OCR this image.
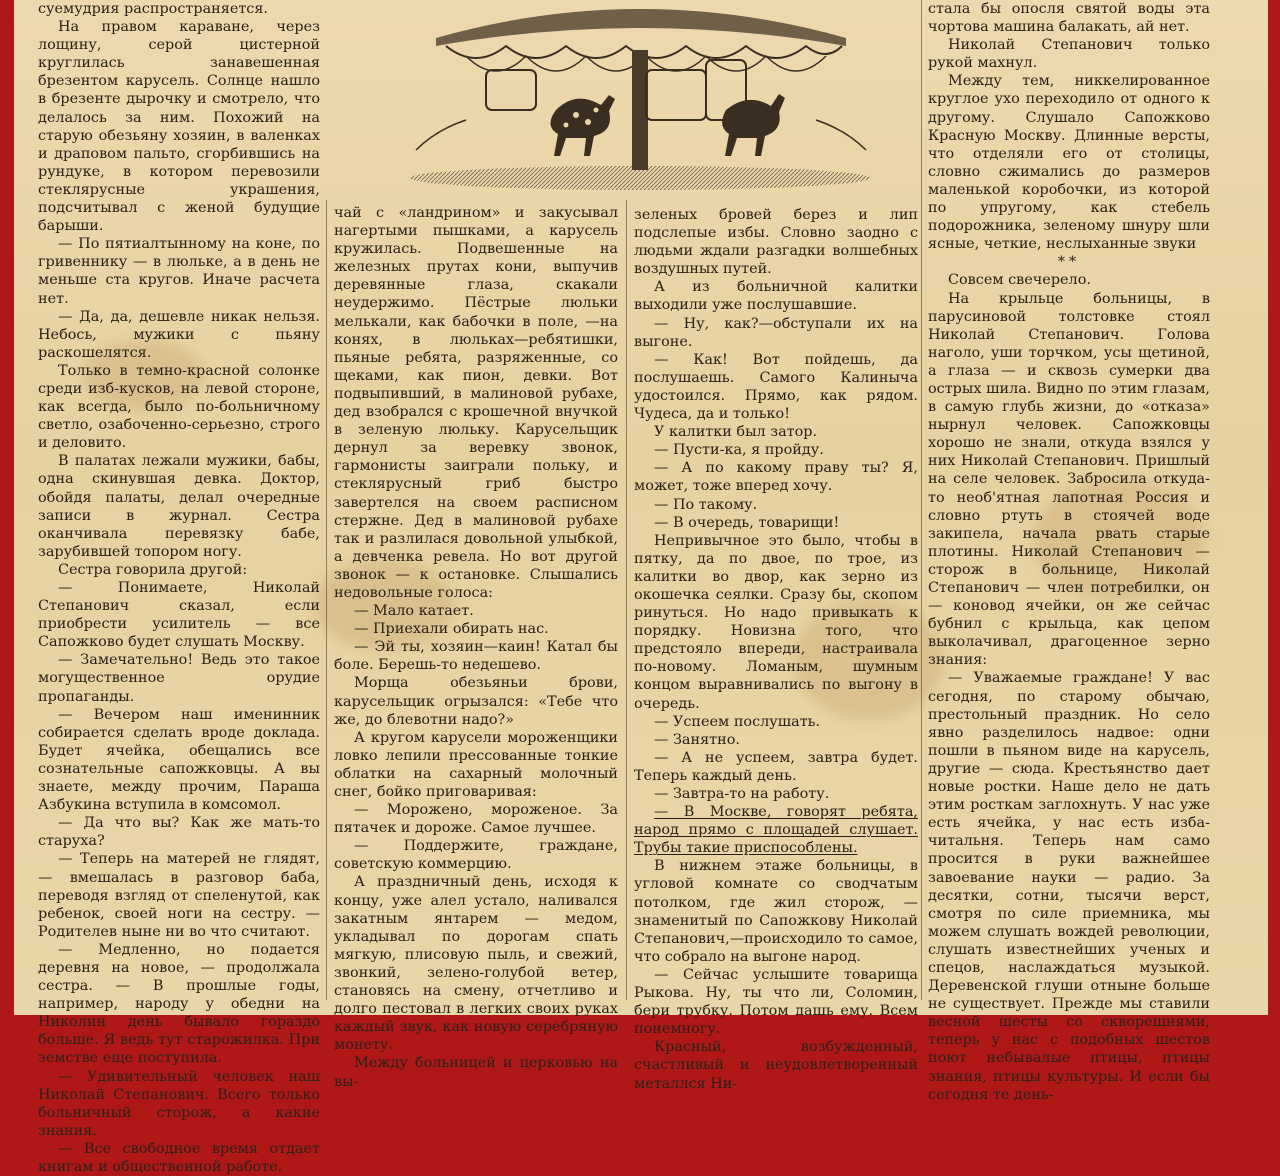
суемудрия распространяется.

На правом караване, через лощину, серой цистерной круглилась занавешенная брезентом карусель. Солнце нашло в брезенте дырочку и смотрело, что делалось за ним. Похожий на старую обезьяну хозяин, в валенках и драповом пальто, сгорбившись на рундуке, в котором перевозили стеклярусные украшения, подсчитывал с женой будущие барыши.

— По пятиалтынному на коне, по гривеннику — в люльке, а в день не меньше ста кругов. Иначе расчета нет.

— Да, да, дешевле никак нельзя. Небось, мужики с пьяну раскошелятся.

Только в темно-красной солонке среди изб-кусков, на левой стороне, как всегда, было по-больничному светло, озабоченно-серьезно, строго и деловито.

В палатах лежали мужики, бабы, одна скинувшая девка. Доктор, обойдя палаты, делал очередные записи в журнал. Сестра оканчивала перевязку бабе, зарубившей топором ногу.

Сестра говорила другой:

— Понимаете, Николай Степанович сказал, если приобрести усилитель — все Сапожково будет слушать Москву.

— Замечательно! Ведь это такое могущественное орудие пропаганды.

— Вечером наш именинник собирается сделать вроде доклада. Будет ячейка, обещались все сознательные сапожковцы. А вы знаете, между прочим, Параша Азбукина вступила в комсомол.

— Да что вы? Как же мать-то старуха?

— Теперь на матерей не глядят, — вмешалась в разговор баба, переводя взгляд от спеленутой, как ребенок, своей ноги на сестру. — Родителев ныне ни во что считают.

— Медленно, но подается деревня на новое, — продолжала сестра. — В прошлые годы, например, народу у обедни на Николин день бывало гораздо больше. Я ведь тут старожилка. При земстве еще поступила.

— Удивительный человек наш Николай Степанович. Всего только больничный сторож, а какие знания.

— Все свободное время отдает книгам и общественной работе.

чай с «ландрином» и закусывал нагертыми пышками, а карусель кружилась. Подвешенные на железных прутах кони, выпучив деревянные глаза, скакали неудержимо. Пёстрые люльки мелькали, как бабочки в поле, —на конях, в люльках—ребятишки, пьяные ребята, разряженные, со щеками, как пион, девки. Вот подвыпивший, в малиновой рубахе, дед взобрался с крошечной внучкой в зеленую люльку. Карусельщик дернул за веревку звонок, гармонисты заиграли польку, и стеклярусный гриб быстро завертелся на своем расписном стержне. Дед в малиновой рубахе так и разлилася довольной улыбкой, а девченка ревела. Но вот другой звонок — к остановке. Слышались недовольные голоса:

— Мало катает.

— Приехали обирать нас.

— Эй ты, хозяин—каин! Катал бы боле. Берешь-то недешево.

Морща обезьяньи брови, карусельщик огрызался: «Тебе что же, до блевотни надо?»

А кругом карусели мороженщики ловко лепили прессованные тонкие облатки на сахарный молочный снег, бойко приговаривая:

— Морожено, мороженое. За пятачек и дороже. Самое лучшее.

— Поддержите, граждане, советскую коммерцию.

А праздничный день, исходя к концу, уже алел устало, наливался закатным янтарем — медом, укладывал по дорогам спать мягкую, плисовую пыль, и свежий, звонкий, зелено-голубой ветер, становясь на смену, отчетливо и долго пестовал в легких своих руках каждый звук, как новую серебряную монету.

Между больницей и церковью на вы-

зеленых бровей берез и лип подслепые избы. Словно заодно с людьми ждали разгадки волшебных воздушных путей.

А из больничной калитки выходили уже послушавшие.

— Ну, как?—обступали их на выгоне.

— Как! Вот пойдешь, да послушаешь. Самого Калиныча удостоился. Прямо, как рядом. Чудеса, да и только!

У калитки был затор.

— Пусти-ка, я пройду.

— А по какому праву ты? Я, может, тоже вперед хочу.

— По такому.

— В очередь, товарищи!

Непривычное это было, чтобы в пятку, да по двое, по трое, из калитки во двор, как зерно из окошечка сеялки. Сразу бы, скопом ринуться. Но надо привыкать к порядку. Новизна того, что предстояло впереди, настраивала по-новому. Ломаным, шумным концом выравнивались по выгону в очередь.

— Успеем послушать.

— Занятно.

— А не успеем, завтра будет. Теперь каждый день.

— Завтра-то на работу.

— В Москве, говорят ребята, народ прямо с площадей слушает. Трубы такие приспособлены.

В нижнем этаже больницы, в угловой комнате со сводчатым потолком, где жил сторож, — знаменитый по Сапожкову Николай Степанович,—происходило то самое, что собрало на выгоне народ.

— Сейчас услышите товарища Рыкова. Ну, ты что ли, Соломин, бери трубку. Потом дашь ему. Всем понемногу.

Красный, возбужденный, счастливый и неудовлетворенный металлся Ни-

стала бы опосля святой воды эта чортова машина балакать, ай нет.

Николай Степанович только рукой махнул.

Между тем, никкелированное круглое ухо переходило от одного к другому. Слушало Сапожково Красную Москву. Длинные версты, что отделяли его от столицы, словно сжимались до размеров маленькой коробочки, из которой по упругому, как стебель подорожника, зеленому шнуру шли ясные, четкие, неслыханные звуки

**

Совсем свечерело.

На крыльце больницы, в парусиновой толстовке стоял Николай Степанович. Голова наголо, уши торчком, усы щетиной, а глаза — и сквозь сумерки два острых шила. Видно по этим глазам, в самую глубь жизни, до «отказа» нырнул человек. Сапожковцы хорошо не знали, откуда взялся у них Николай Степанович. Пришлый на селе человек. Забросила откуда-то необ'ятная лапотная Россия и словно ртуть в стоячей воде закипела, начала рвать старые плотины. Николай Степанович — сторож в больнице, Николай Степанович — член потребилки, он — коновод ячейки, он же сейчас бубнил с крыльца, как цепом выколачивал, драгоценное зерно знания:

— Уважаемые граждане! У вас сегодня, по старому обычаю, престольный праздник. Но село явно разделилось надвое: одни пошли в пьяном виде на карусель, другие — сюда. Крестьянство дает новые ростки. Наше дело не дать этим росткам заглохнуть. У нас уже есть ячейка, у нас есть изба-читальня. Теперь нам само просится в руки важнейшее завоевание науки — радио. За десятки, сотни, тысячи верст, смотря по силе приемника, мы можем слушать вождей революции, слушать известнейших ученых и спецов, наслаждаться музыкой. Деревенской глуши отныне больше не существует. Прежде мы ставили весной шесты со скворешнями, теперь у нас с подобных шестов поют небывалые птицы, птицы знания, птицы культуры. И если бы сегодня те день-
